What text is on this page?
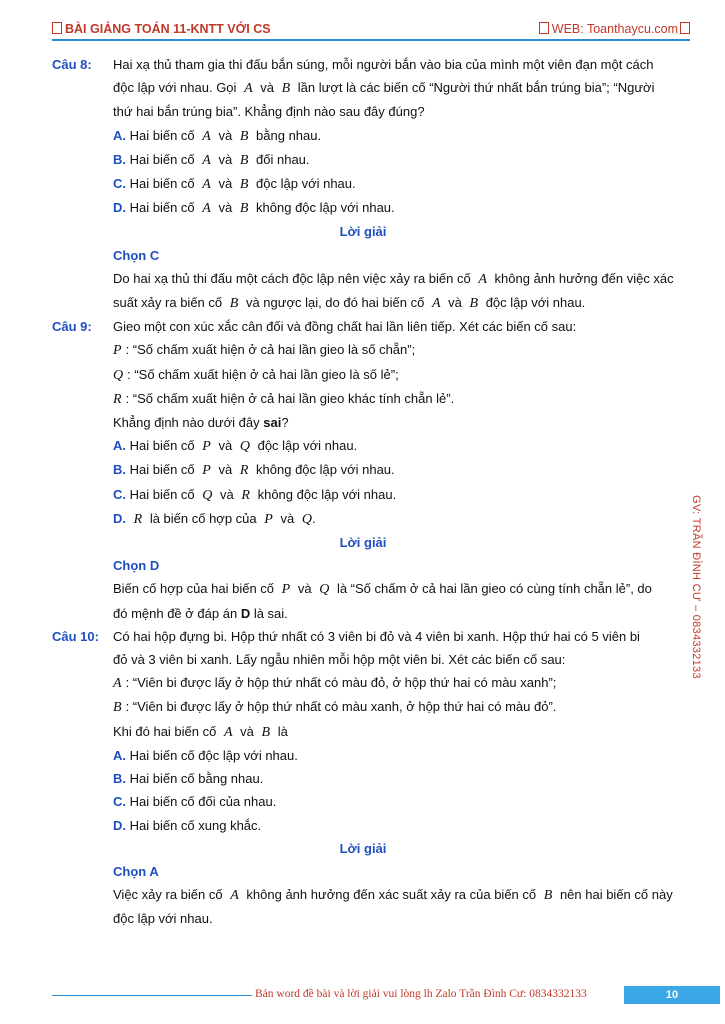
BÀI GIẢNG TOÁN 11-KNTT VỚI CS	WEB: Toanthaycu.com
GV: TRẦN ĐÌNH CƯ – 0834332133
Câu 8: Hai xạ thủ tham gia thi đấu bắn súng, mỗi người bắn vào bia của mình một viên đạn một cách
độc lập với nhau. Gọi A và B lần lượt là các biến cố “Người thứ nhất bắn trúng bia”; “Người
thứ hai bắn trúng bia”. Khẳng định nào sau đây đúng?
A. Hai biến cố A và B bằng nhau.
B. Hai biến cố A và B đối nhau.
C. Hai biến cố A và B độc lập với nhau.
D. Hai biến cố A và B không độc lập với nhau.
Lời giải
Chọn C
Do hai xạ thủ thi đấu một cách độc lập nên việc xảy ra biến cố A không ảnh hưởng đến việc xác
suất xảy ra biến cố B và ngược lại, do đó hai biến cố A và B độc lập với nhau.
Câu 9: Gieo một con xúc xắc cân đối và đồng chất hai lần liên tiếp. Xét các biến cố sau:
P : “Số chấm xuất hiện ở cả hai lần gieo là số chẵn”;
Q : “Số chấm xuất hiện ở cả hai lần gieo là số lẻ”;
R : “Số chấm xuất hiện ở cả hai lần gieo khác tính chẵn lẻ”.
Khẳng định nào dưới đây sai?
A. Hai biến cố P và Q độc lập với nhau.
B. Hai biến cố P và R không độc lập với nhau.
C. Hai biến cố Q và R không độc lập với nhau.
D. R là biến cố hợp của P và Q.
Lời giải
Chọn D
Biến cố hợp của hai biến cố P và Q là “Số chấm ở cả hai lần gieo có cùng tính chẵn lẻ”, do
đó mệnh đề ở đáp án D là sai.
Câu 10: Có hai hộp đựng bi. Hộp thứ nhất có 3 viên bi đỏ và 4 viên bi xanh. Hộp thứ hai có 5 viên bi
đỏ và 3 viên bi xanh. Lấy ngẫu nhiên mỗi hộp một viên bi. Xét các biến cố sau:
A : “Viên bi được lấy ở hộp thứ nhất có màu đỏ, ở hộp thứ hai có màu xanh”;
B : “Viên bi được lấy ở hộp thứ nhất có màu xanh, ở hộp thứ hai có màu đỏ”.
Khi đó hai biến cố A và B là
A. Hai biến cố độc lập với nhau.
B. Hai biến cố bằng nhau.
C. Hai biến cố đối của nhau.
D. Hai biến cố xung khắc.
Lời giải
Chọn A
Việc xảy ra biến cố A không ảnh hưởng đến xác suất xảy ra của biến cố B nên hai biến cố này
độc lập với nhau.
Bản word đề bài và lời giải vui lòng lh Zalo Trần Đình Cư: 0834332133	10
